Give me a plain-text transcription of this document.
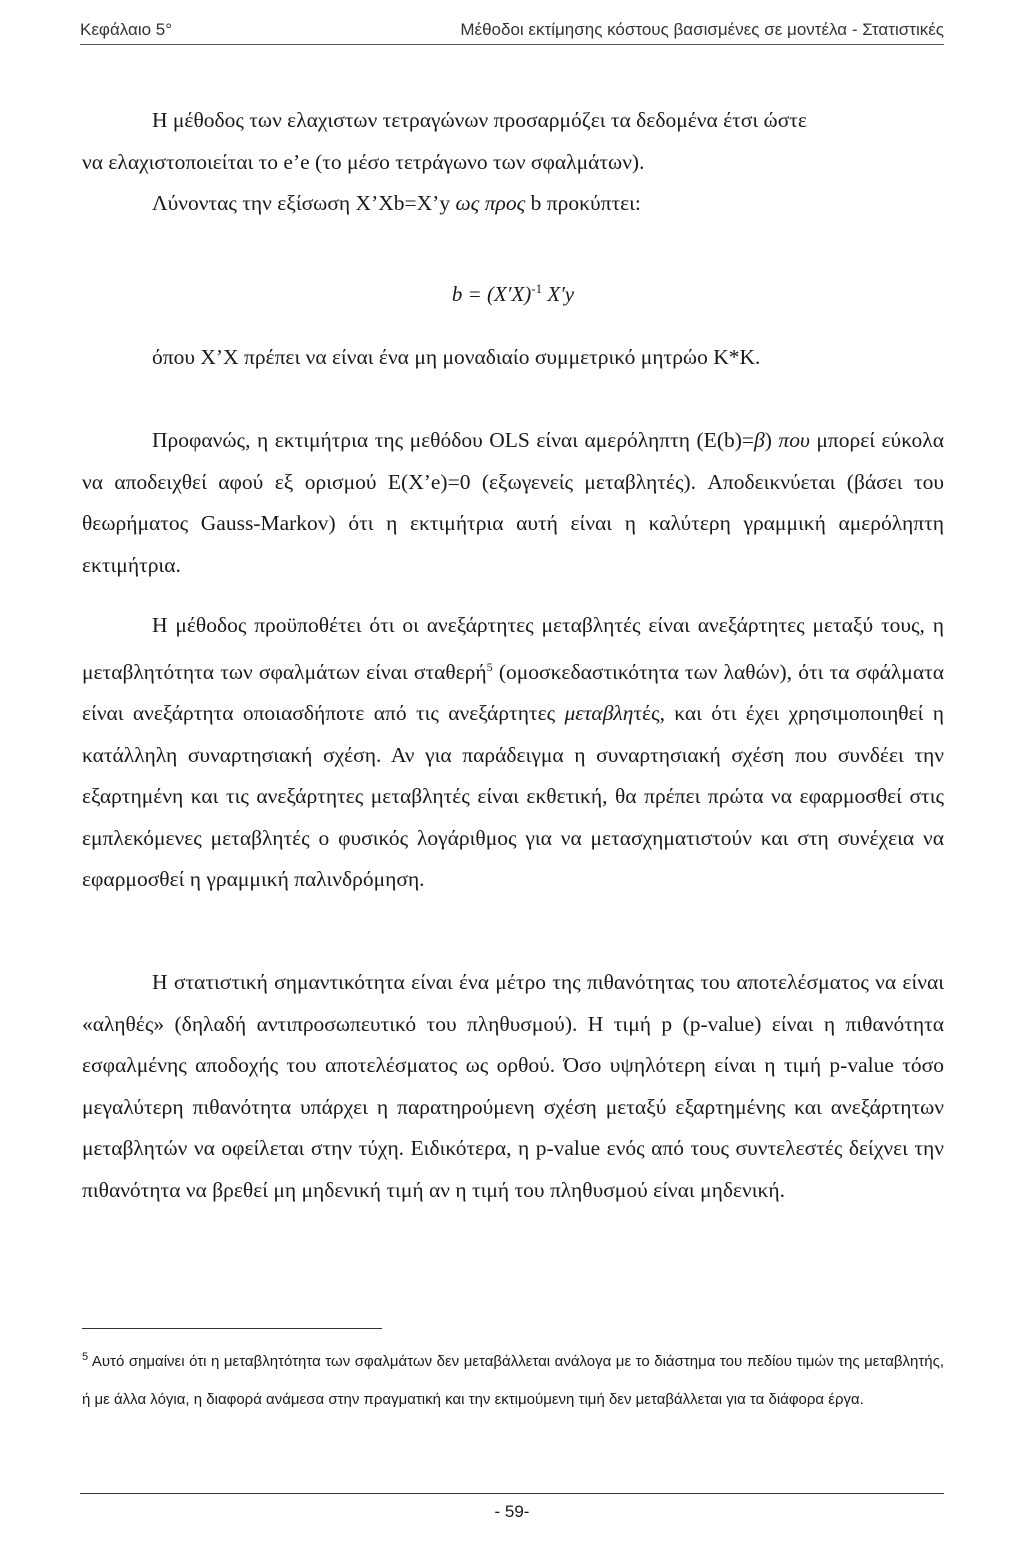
Κεφάλαιο 5°	Μέθοδοι εκτίμησης κόστους βασισμένες σε μοντέλα - Στατιστικές

Η μέθοδος των ελαχιστων τετραγώνων προσαρμόζει τα δεδομένα έτσι ώστε

να ελαχιστοποιείται το e’e (το μέσο τετράγωνο των σφαλμάτων).

Λύνοντας την εξίσωση X’Xb=X’y ως προς b προκύπτει:

$b = (X'X)^{-1}$ X′y

όπου X’X πρέπει να είναι ένα μη μοναδιαίο συμμετρικό μητρώο Κ*Κ.

Προφανώς, η εκτιμήτρια της μεθόδου OLS είναι αμερόληπτη (E(b)=β) που μπορεί εύκολα να αποδειχθεί αφού εξ ορισμού E(X’e)=0 (εξωγενείς μεταβλητές). Αποδεικνύεται (βάσει του θεωρήματος Gauss-Markov) ότι η εκτιμήτρια αυτή είναι η καλύτερη γραμμική αμερόληπτη εκτιμήτρια.

Η μέθοδος προϋποθέτει ότι οι ανεξάρτητες μεταβλητές είναι ανεξάρτητες μεταξύ τους, η μεταβλητότητα των σφαλμάτων είναι σταθερή$^5$ (ομοσκεδαστικότητα των λαθών), ότι τα σφάλματα είναι ανεξάρτητα οποιασδήποτε από τις ανεξάρτητες μεταβλητές, και ότι έχει χρησιμοποιηθεί η κατάλληλη συναρτησιακή σχέση. Αν για παράδειγμα η συναρτησιακή σχέση που συνδέει την εξαρτημένη και τις ανεξάρτητες μεταβλητές είναι εκθετική, θα πρέπει πρώτα να εφαρμοσθεί στις εμπλεκόμενες μεταβλητές ο φυσικός λογάριθμος για να μετασχηματιστούν και στη συνέχεια να εφαρμοσθεί η γραμμική παλινδρόμηση.

Η στατιστική σημαντικότητα είναι ένα μέτρο της πιθανότητας του αποτελέσματος να είναι «αληθές» (δηλαδή αντιπροσωπευτικό του πληθυσμού). Η τιμή p (p-value) είναι η πιθανότητα εσφαλμένης αποδοχής του αποτελέσματος ως ορθού. Όσο υψηλότερη είναι η τιμή p-value τόσο μεγαλύτερη πιθανότητα υπάρχει η παρατηρούμενη σχέση μεταξύ εξαρτημένης και ανεξάρτητων μεταβλητών να οφείλεται στην τύχη. Ειδικότερα, η p-value ενός από τους συντελεστές δείχνει την πιθανότητα να βρεθεί μη μηδενική τιμή αν η τιμή του πληθυσμού είναι μηδενική.

$^5$ Αυτό σημαίνει ότι η μεταβλητότητα των σφαλμάτων δεν μεταβάλλεται ανάλογα με το διάστημα του πεδίου τιμών της μεταβλητής, ή με άλλα λόγια, η διαφορά ανάμεσα στην πραγματική και την εκτιμούμενη τιμή δεν μεταβάλλεται για τα διάφορα έργα.
- 59-
